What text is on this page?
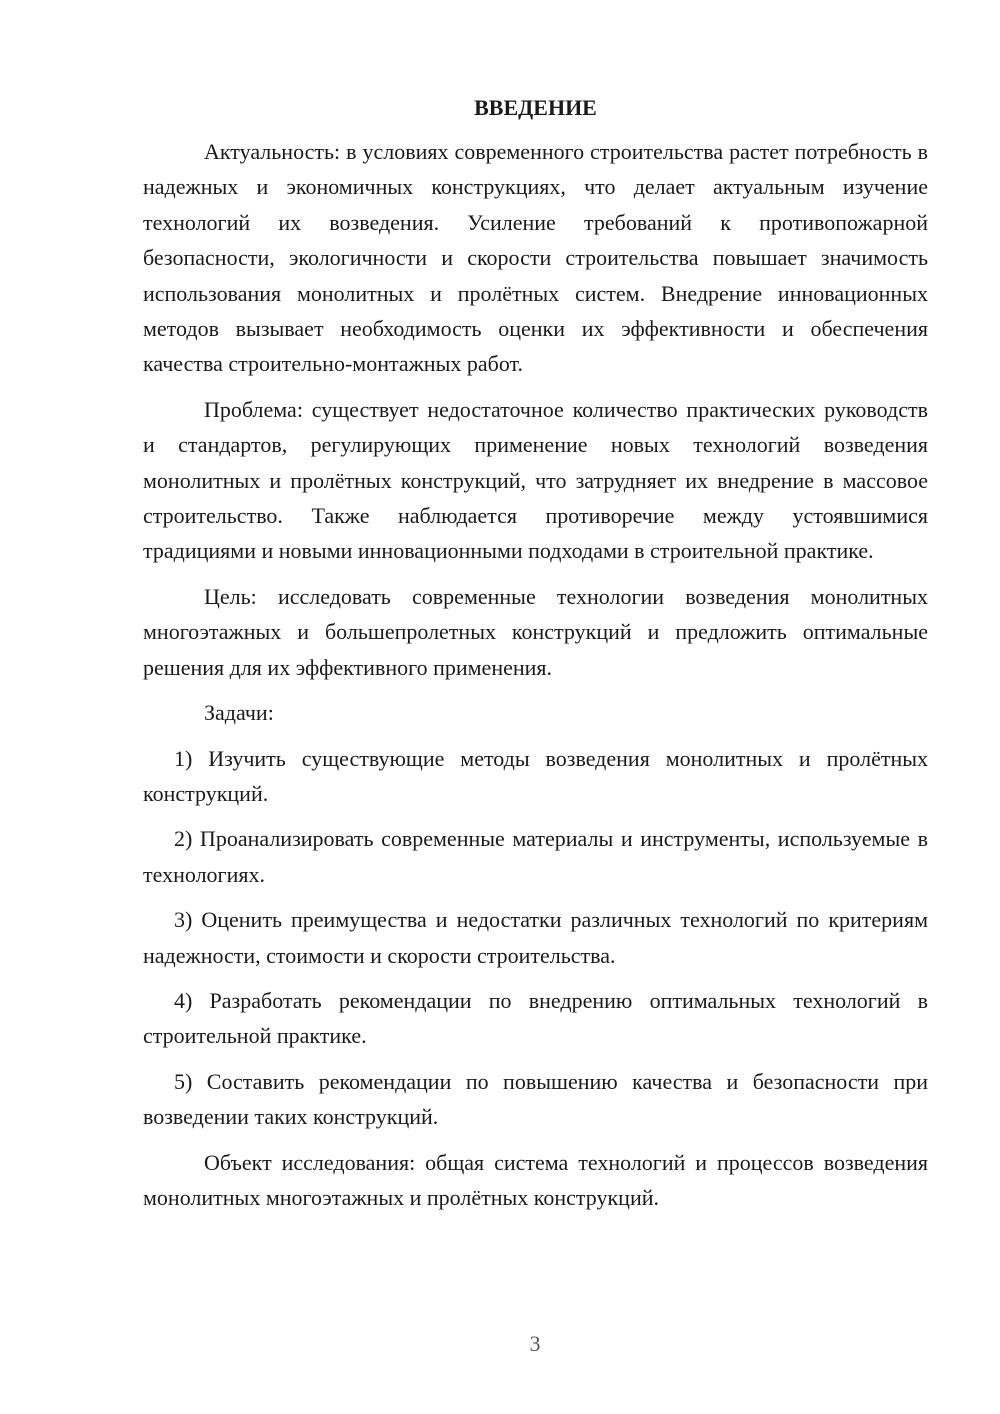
ВВЕДЕНИЕ

Актуальность: в условиях современного строительства растет потребность в надежных и экономичных конструкциях, что делает актуальным изучение технологий их возведения. Усиление требований к противопожарной безопасности, экологичности и скорости строительства повышает значимость использования монолитных и пролётных систем. Внедрение инновационных методов вызывает необходимость оценки их эффективности и обеспечения качества строительно-монтажных работ.

Проблема: существует недостаточное количество практических руководств и стандартов, регулирующих применение новых технологий возведения монолитных и пролётных конструкций, что затрудняет их внедрение в массовое строительство. Также наблюдается противоречие между устоявшимися традициями и новыми инновационными подходами в строительной практике.

Цель: исследовать современные технологии возведения монолитных многоэтажных и большепролетных конструкций и предложить оптимальные решения для их эффективного применения.

Задачи:

1) Изучить существующие методы возведения монолитных и пролётных конструкций.

2) Проанализировать современные материалы и инструменты, используемые в технологиях.

3) Оценить преимущества и недостатки различных технологий по критериям надежности, стоимости и скорости строительства.

4) Разработать рекомендации по внедрению оптимальных технологий в строительной практике.

5) Составить рекомендации по повышению качества и безопасности при возведении таких конструкций.

Объект исследования: общая система технологий и процессов возведения монолитных многоэтажных и пролётных конструкций.

3
